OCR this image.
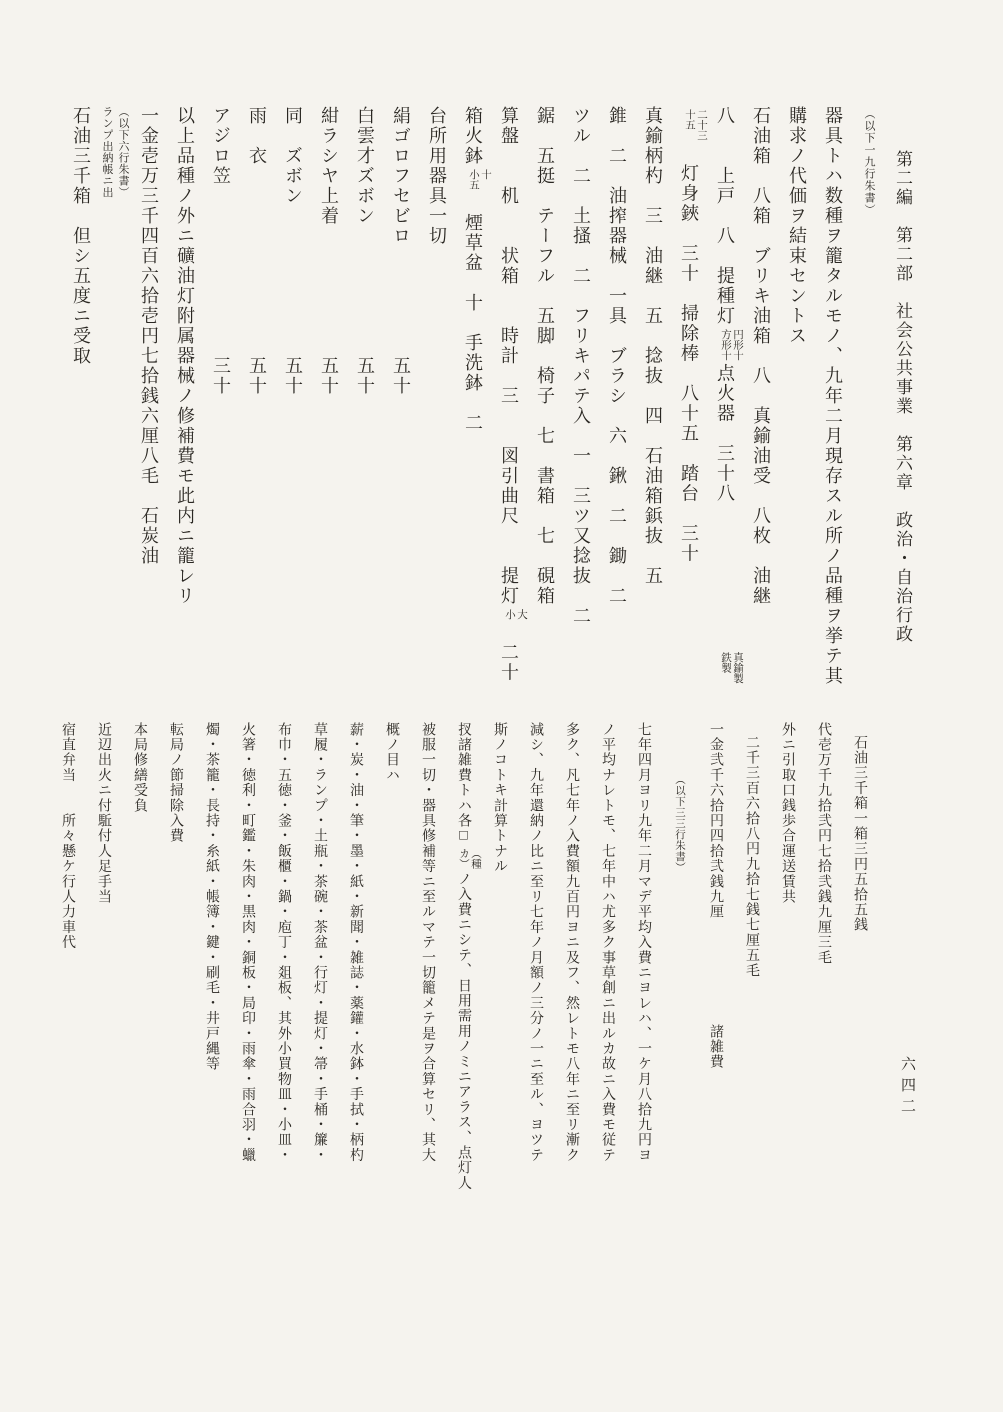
第二編　第二部　社会公共事業　第六章　政治・自治行政
六四二
（以下一九行朱書）
器具トハ数種ヲ籠タルモノ、九年二月現存スル所ノ品種ヲ挙テ其
購求ノ代価ヲ結束セントス
石油箱　八箱　ブリキ油箱　八　真鍮油受　八枚　油継
八　　上戸　八　提種灯
円形十
方形十
点火器　三十八
真鍮製
鉄製
二十三
十五
　灯身鋏　三十　掃除棒　八十五　踏台　三十
真鍮柄杓　三　油継　五　捻抜　四　石油箱鋲抜　五
錐　二　油搾器械　一具　ブラシ　六　鍬　二　鋤　二
ツル　二　土搔　二　フリキパテ入　一　三ツ又捻抜　二
鋸　五挺　テーフル　五脚　椅子　七　書箱　七　硯箱
算盤　　机　　状箱　　時計　三　　図引曲尺　　提灯
大
小
　二十
箱火鉢
十
小五
　煙草盆　十　手洗鉢　二
台所用器具一切
絹ゴロフセビロ五十
白雲才ズボン五十
紺ラシヤ上着五十
同　ズボン五十
雨　衣五十
アジロ笠三十
以上品種ノ外ニ礦油灯附属器械ノ修補費モ此内ニ籠レリ
一金壱万三千四百六拾壱円七拾銭六厘八毛　石炭油
（以下六行朱書）
ランプ出納帳ニ出
石油三千箱　但シ五度ニ受取
石油三千箱一箱三円五拾五銭
代壱万千九拾弐円七拾弐銭九厘三毛
外ニ引取口銭歩合運送賃共
二千三百六拾八円九拾七銭七厘五毛
一金弐千六拾円四拾弐銭九厘諸雑費
（以下三三行朱書）
七年四月ヨリ九年二月マデ平均入費ニヨレハ、一ケ月八拾九円ヨ
ノ平均ナレトモ、七年中ハ尤多ク事草創ニ出ルカ故ニ入費モ従テ
多ク、凡七年ノ入費額九百円ヨニ及フ、然レトモ八年ニ至リ漸ク
減シ、九年還納ノ比ニ至リ七年ノ月額ノ三分ノ一ニ至ル、ヨツテ
斯ノコトキ計算トナル
扠諸雑費トハ各□
（種
カ）
ノ入費ニシテ、日用需用ノミニアラス、点灯人
被服一切・器具修補等ニ至ルマテ一切籠メテ是ヲ合算セリ、其大
概ノ目ハ
薪・炭・油・筆・墨・紙・新聞・雑誌・薬鑵・水鉢・手拭・柄杓
草履・ランプ・土瓶・茶碗・茶盆・行灯・提灯・箒・手桶・簾・
布巾・五徳・釜・飯櫃・鍋・庖丁・爼板、其外小買物皿・小皿・
火箸・徳利・町鑑・朱肉・黒肉・銅板・局印・雨傘・雨合羽・蠟
燭・茶籠・長持・糸紙・帳簿・鍵・刷毛・井戸縄等
転局ノ節掃除入費
本局修繕受負
近辺出火ニ付駈付人足手当
宿直弁当　　所々懸ケ行人力車代
